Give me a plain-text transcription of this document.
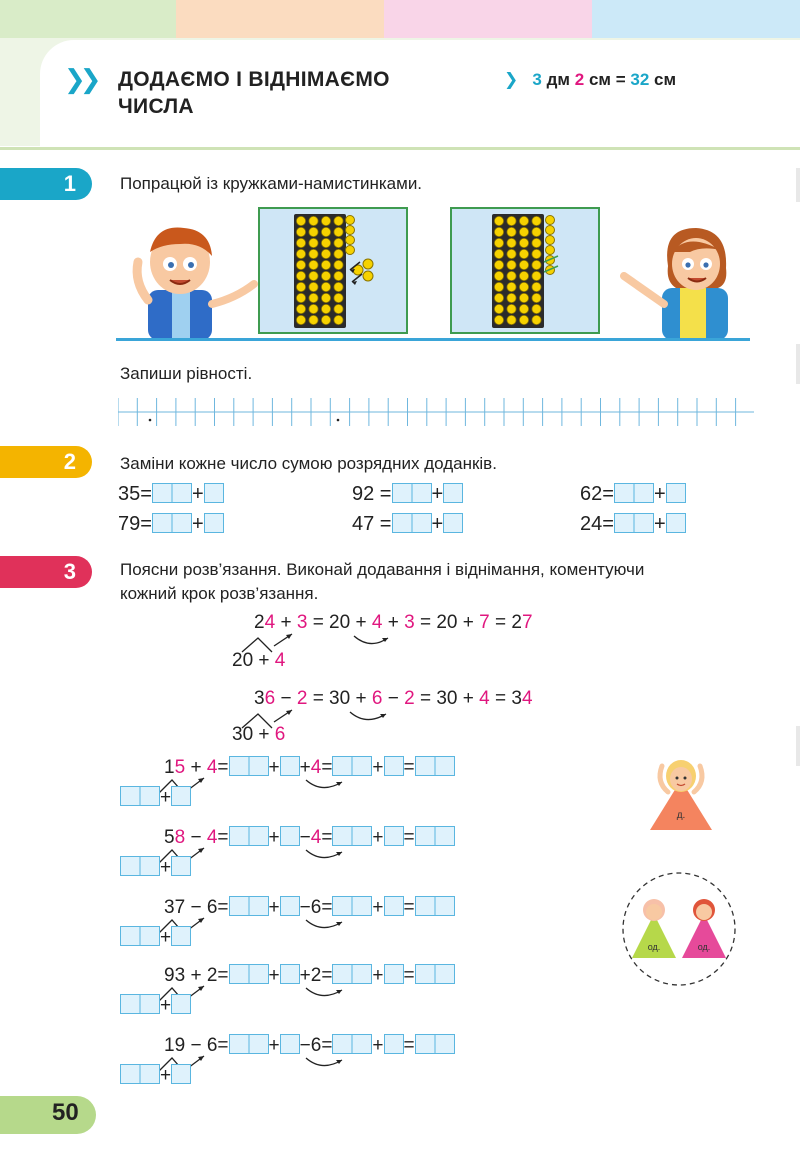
❯❯ ДОДАЄМО І ВІДНІМАЄМО
ЧИСЛА
❯ 3 дм 2 см = 32 см
1	Попрацюй із кружками-намистинками.
Запиши рівності.
2	Заміни кожне число сумою розрядних доданків.
35= +	92 = +	62= +
79= +	47 = +	24= +
3	Поясни розв’язання. Виконай додавання і віднімання, коментуючи
кожний крок розв’язання.
24 + 3 = 20 + 4 + 3 = 20 + 7 = 27
20 + 4
36 − 2 = 30 + 6 − 2 = 30 + 4 = 34
30 + 6
15 + 4= + +4= + =
+
58 − 4= + −4= + =
+
37 − 6= + −6= + =
+
93 + 2= + +2= + =
+
19 − 6= + −6= + =
+
д.
од.	од.
50
